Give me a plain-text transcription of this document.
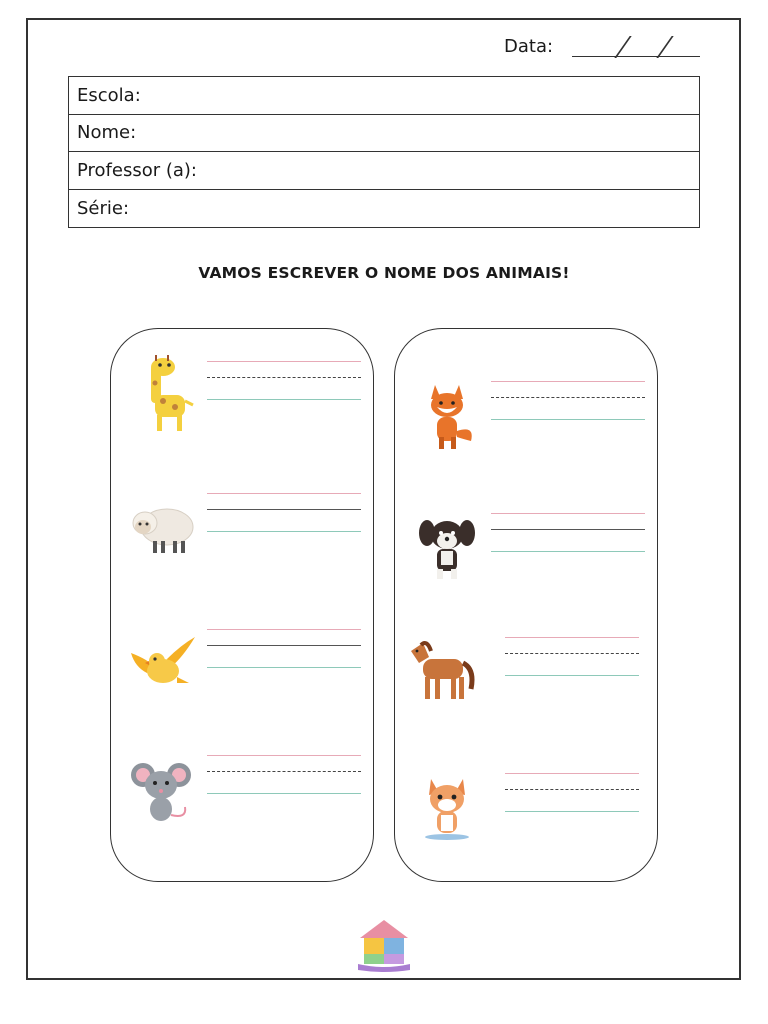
Data:
Escola:
Nome:
Professor (a):
Série:
VAMOS ESCREVER O NOME DOS ANIMAIS!
